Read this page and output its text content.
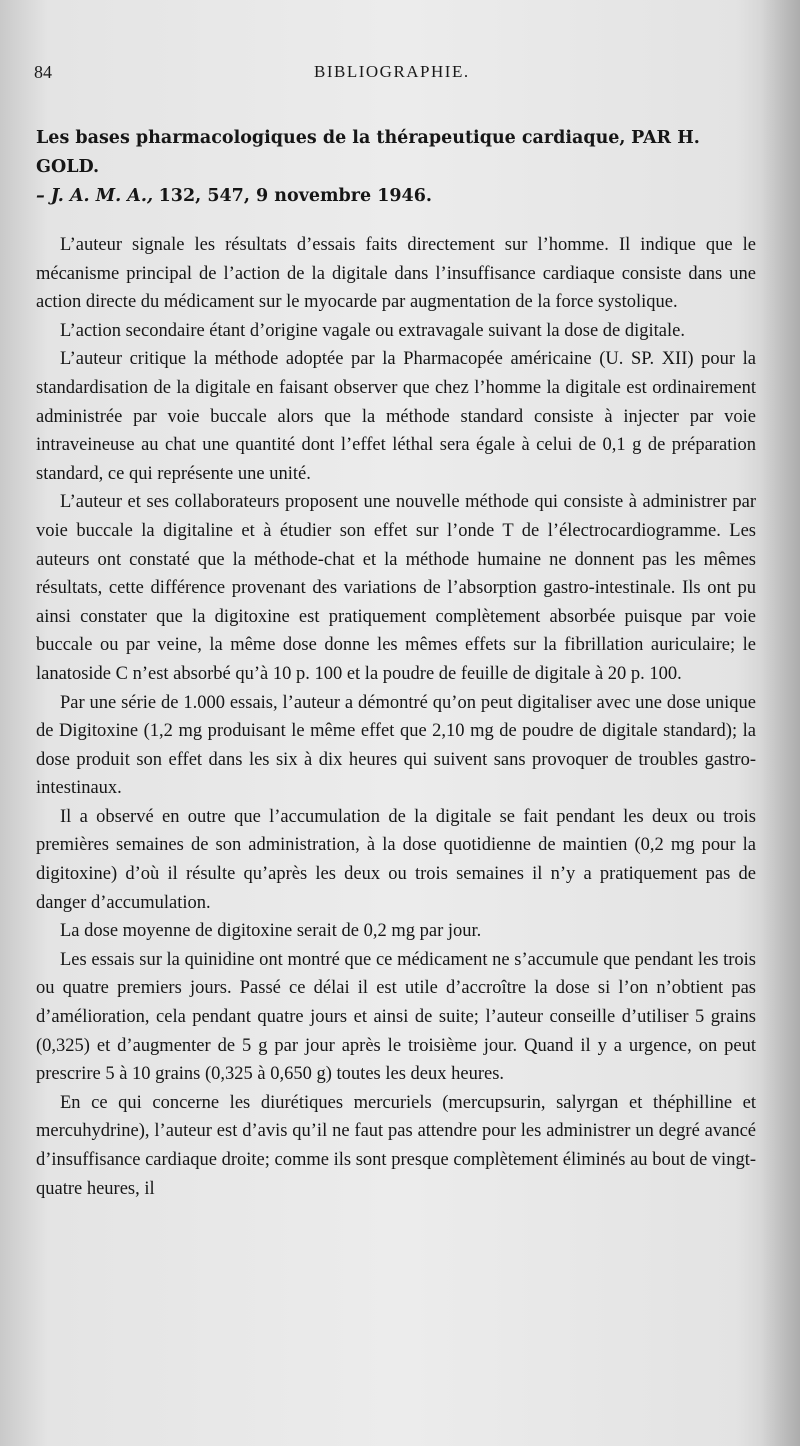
84	BIBLIOGRAPHIE.

Les bases pharmacologiques de la thérapeutique cardiaque, PAR H. GOLD.
– J. A. M. A., 132, 547, 9 novembre 1946.

L’auteur signale les résultats d’essais faits directement sur l’homme. Il indique que le mécanisme principal de l’action de la digitale dans l’insuffisance cardiaque consiste dans une action directe du médicament sur le myocarde par augmentation de la force systolique.

L’action secondaire étant d’origine vagale ou extravagale suivant la dose de digitale.

L’auteur critique la méthode adoptée par la Pharmacopée américaine (U. SP. XII) pour la standardisation de la digitale en faisant observer que chez l’homme la digitale est ordinairement administrée par voie buccale alors que la méthode standard consiste à injecter par voie intraveineuse au chat une quantité dont l’effet léthal sera égale à celui de 0,1 g de préparation standard, ce qui représente une unité.

L’auteur et ses collaborateurs proposent une nouvelle méthode qui consiste à administrer par voie buccale la digitaline et à étudier son effet sur l’onde T de l’électrocardiogramme. Les auteurs ont constaté que la méthode-chat et la méthode humaine ne donnent pas les mêmes résultats, cette différence provenant des variations de l’absorption gastro-intestinale. Ils ont pu ainsi constater que la digitoxine est pratiquement complètement absorbée puisque par voie buccale ou par veine, la même dose donne les mêmes effets sur la fibrillation auriculaire; le lanatoside C n’est absorbé qu’à 10 p. 100 et la poudre de feuille de digitale à 20 p. 100.

Par une série de 1.000 essais, l’auteur a démontré qu’on peut digitaliser avec une dose unique de Digitoxine (1,2 mg produisant le même effet que 2,10 mg de poudre de digitale standard); la dose produit son effet dans les six à dix heures qui suivent sans provoquer de troubles gastro-intestinaux.

Il a observé en outre que l’accumulation de la digitale se fait pendant les deux ou trois premières semaines de son administration, à la dose quotidienne de maintien (0,2 mg pour la digitoxine) d’où il résulte qu’après les deux ou trois semaines il n’y a pratiquement pas de danger d’accumulation.

La dose moyenne de digitoxine serait de 0,2 mg par jour.

Les essais sur la quinidine ont montré que ce médicament ne s’accumule que pendant les trois ou quatre premiers jours. Passé ce délai il est utile d’accroître la dose si l’on n’obtient pas d’amélioration, cela pendant quatre jours et ainsi de suite; l’auteur conseille d’utiliser 5 grains (0,325) et d’augmenter de 5 g par jour après le troisième jour. Quand il y a urgence, on peut prescrire 5 à 10 grains (0,325 à 0,650 g) toutes les deux heures.

En ce qui concerne les diurétiques mercuriels (mercupsurin, salyrgan et théphilline et mercuhydrine), l’auteur est d’avis qu’il ne faut pas attendre pour les administrer un degré avancé d’insuffisance cardiaque droite; comme ils sont presque complètement éliminés au bout de vingt-quatre heures, il
